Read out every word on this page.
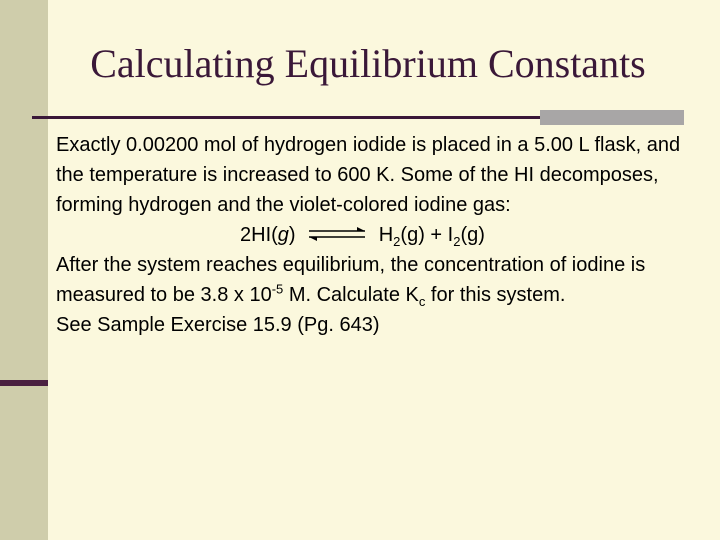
Calculating Equilibrium Constants

Exactly 0.00200 mol of hydrogen iodide is placed in a 5.00 L flask, and the temperature is increased to 600 K. Some of the HI decomposes, forming hydrogen and the violet-colored iodine gas:

2HI(g) ⇌ $H_2(g) + I_2(g)$

After the system reaches equilibrium, the concentration of iodine is measured to be 3.8 x $10^{-5}$ M. Calculate $K_c$ for this system.

See Sample Exercise 15.9 (Pg. 643)
